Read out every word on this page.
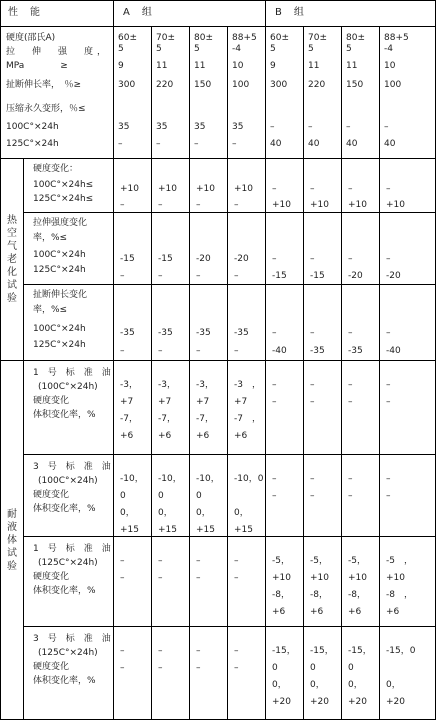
性　能	A　组	B　组
硬度(邵氏A)
拉　伸　强　度，
MPa　　　　≥
扯断伸长率，　％≥
压缩永久变形，％≤
100C°×24h
125C°×24h
60±
5
9
300
35
–
70±
5
11
220
35
–
80±
5
11
150
35
–
88+5
-4
10
100
35
–
60±
5
9
300
–
40
70±
5
11
220
–
40
80±
5
11
150
–
40
88+5
-4
10
100
–
40
热空气老化试验
耐液体试验
硬度变化：
100C°×24h≤
125C°×24h≤
+10
–
+10
–
+10
–
+10
–
–
+10
–
+10
–
+10
–
+10
拉伸强度变化
率，%≤
100C°×24h
125C°×24h
-15
–
-15
–
-20
–
-20
–
–
-15
–
-15
–
-20
–
-20
扯断伸长变化
率，%≤
100C°×24h
125C°×24h
-35
–
-35
–
-35
–
-35
–
–
-40
–
-35
–
-35
–
-40
1　号　标　准　油
(100C°×24h)
硬度变化
体积变化率，%
-3，
+7
-7，
+6
-3，
+7
-7，
+6
-3，
+7
-7，
+6
-3　，
+7
-7　，
+6
–
–
–
–
–
–
–
–
3　号　标　准　油
(100C°×24h)
硬度变化
体积变化率，%
-10，
0
0，
+15
-10，
0
0，
+15
-10，
0
0，
+15
-10，0
0，
+15
–
–
–
–
–
–
–
–
1　号　标　准　油
(125C°×24h)
硬度变化
体积变化率，%
–
–
–
–
–
–
–
–
-5，
+10
-8，
+6
-5，
+10
-8，
+6
-5，
+10
-8，
+6
-5　，
+10
-8　，
+6
3　号　标　准　油
(125C°×24h)
硬度变化
体积变化率，%
–
–
–
–
–
–
–
–
-15，
0
0，
+20
-15，
0
0，
+20
-15，
0
0，
+20
-15，0
0，
+20
